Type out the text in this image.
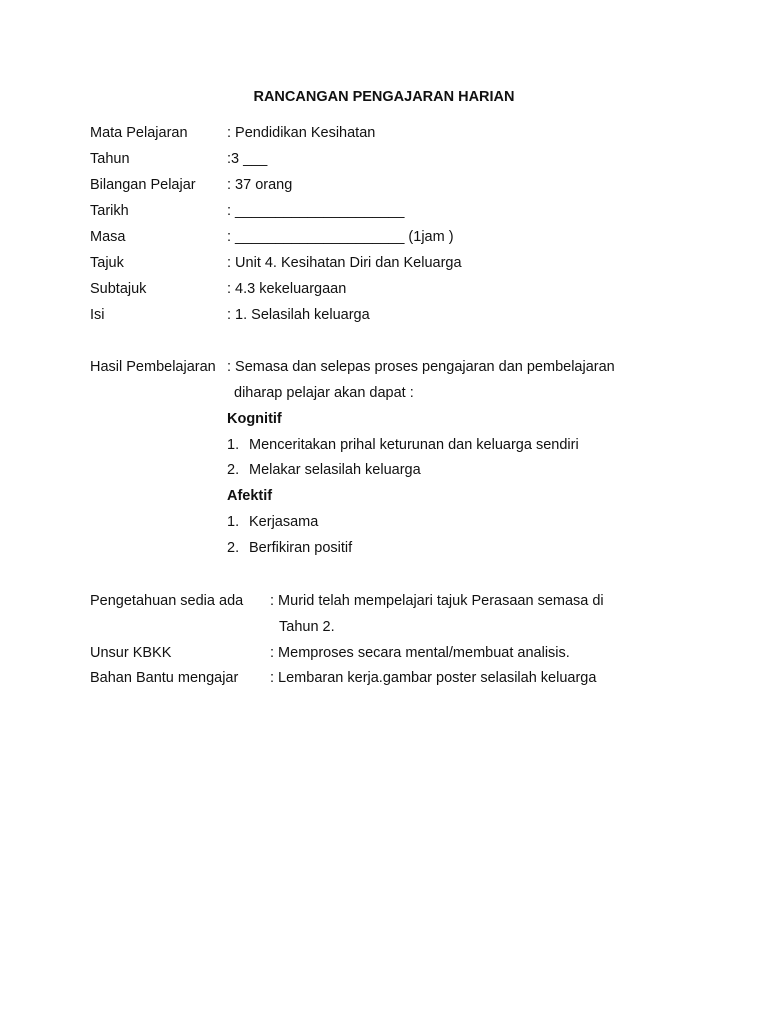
RANCANGAN PENGAJARAN HARIAN
Mata Pelajaran	: Pendidikan Kesihatan
Tahun	:3 ___
Bilangan Pelajar : 37 orang
Tarikh	: _____________________
Masa	: _____________________ (1jam )
Tajuk	: Unit 4. Kesihatan Diri dan Keluarga
Subtajuk	: 4.3 kekeluargaan
Isi	: 1. Selasilah keluarga
Hasil Pembelajaran : Semasa dan selepas proses pengajaran dan pembelajaran
diharap pelajar akan dapat :
Kognitif
1. Menceritakan prihal keturunan dan keluarga sendiri
2. Melakar selasilah keluarga
Afektif
1. Kerjasama
2. Berfikiran positif
Pengetahuan sedia ada : Murid telah mempelajari tajuk Perasaan semasa di
Tahun 2.
Unsur KBKK	: Memproses secara mental/membuat analisis.
Bahan Bantu mengajar : Lembaran kerja.gambar poster selasilah keluarga
